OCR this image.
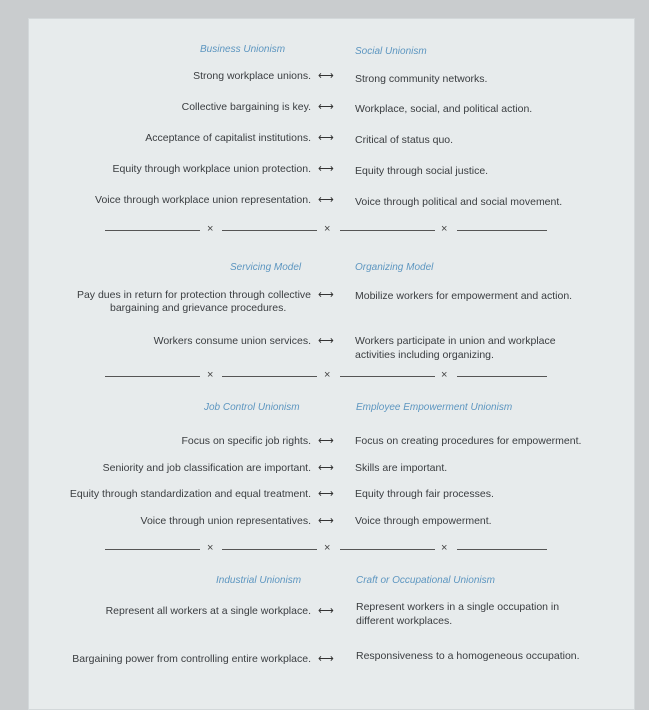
Business Unionism	Social Unionism
Strong workplace unions. ⟷ Strong community networks.
Collective bargaining is key. ⟷ Workplace, social, and political action.
Acceptance of capitalist institutions. ⟷ Critical of status quo.
Equity through workplace union protection. ⟷ Equity through social justice.
Voice through workplace union representation. ⟷ Voice through political and social movement.
×	×	×
Servicing Model	Organizing Model
Pay dues in return for protection through collective
bargaining and grievance procedures.
⟷ Mobilize workers for empowerment and action.
Workers consume union services. ⟷ Workers participate in union and workplace
activities including organizing.
×	×	×
Job Control Unionism	Employee Empowerment Unionism
Focus on specific job rights. ⟷ Focus on creating procedures for empowerment.
Seniority and job classification are important. ⟷ Skills are important.
Equity through standardization and equal treatment. ⟷ Equity through fair processes.
Voice through union representatives. ⟷ Voice through empowerment.
×	×	×
Industrial Unionism	Craft or Occupational Unionism
Represent all workers at a single workplace. ⟷ Represent workers in a single occupation in
different workplaces.
Bargaining power from controlling entire workplace. ⟷ Responsiveness to a homogeneous occupation.
